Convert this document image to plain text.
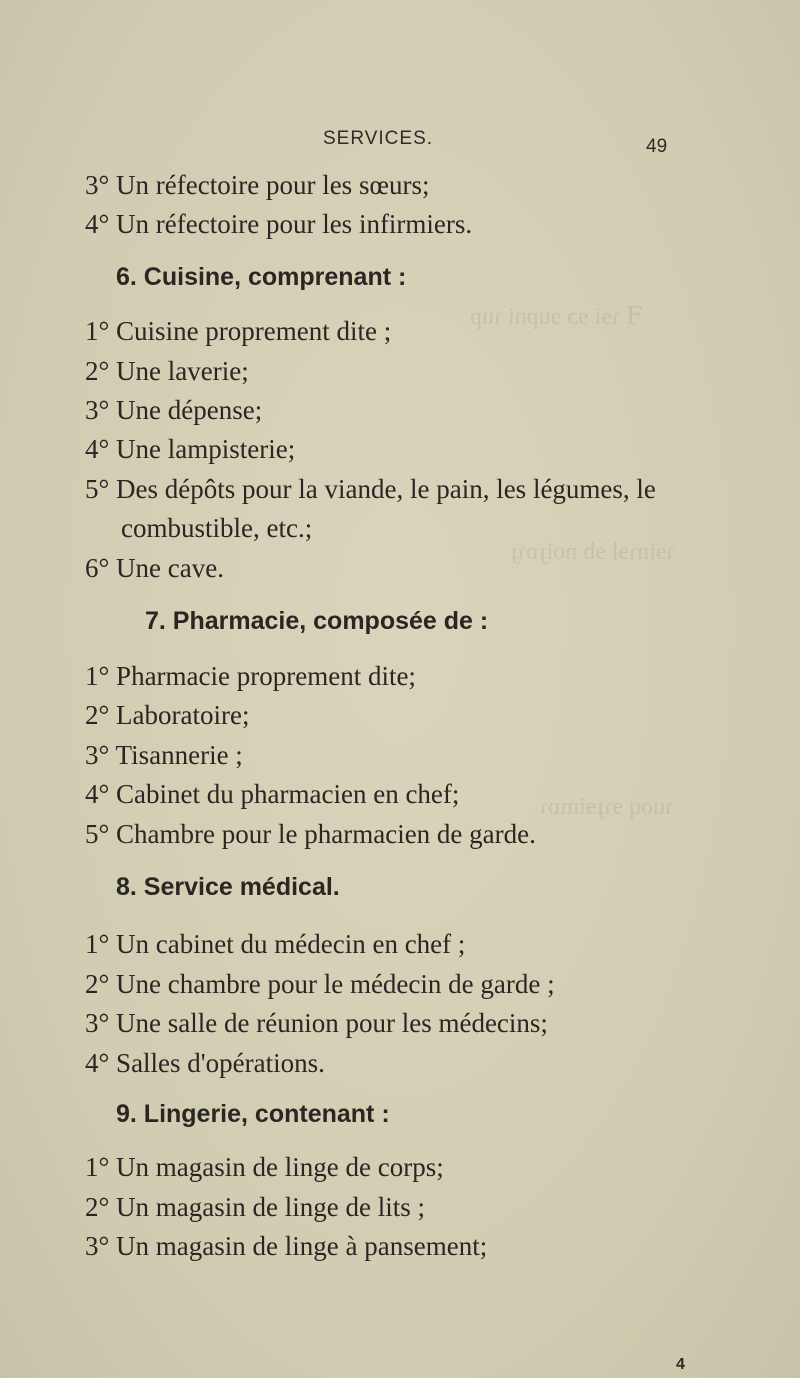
ꟻ ɿɘi ɘɔ ɘupni ɿup
ɿɘinɿɘl ɘb noiɟɒɿɟ
ɿuoq ɘɿɟɘimɒɿ
SERVICES.	49
3° Un réfectoire pour les sœurs;
4° Un réfectoire pour les infirmiers.
6. Cuisine, comprenant :
1° Cuisine proprement dite ;
2° Une laverie;
3° Une dépense;
4° Une lampisterie;
5° Des dépôts pour la viande, le pain, les légumes, le
combustible, etc.;
6° Une cave.
7. Pharmacie, composée de :
1° Pharmacie proprement dite;
2° Laboratoire;
3° Tisannerie ;
4° Cabinet du pharmacien en chef;
5° Chambre pour le pharmacien de garde.
8. Service médical.
1° Un cabinet du médecin en chef ;
2° Une chambre pour le médecin de garde ;
3° Une salle de réunion pour les médecins;
4° Salles d'opérations.
9. Lingerie, contenant :
1° Un magasin de linge de corps;
2° Un magasin de linge de lits ;
3° Un magasin de linge à pansement;
4
